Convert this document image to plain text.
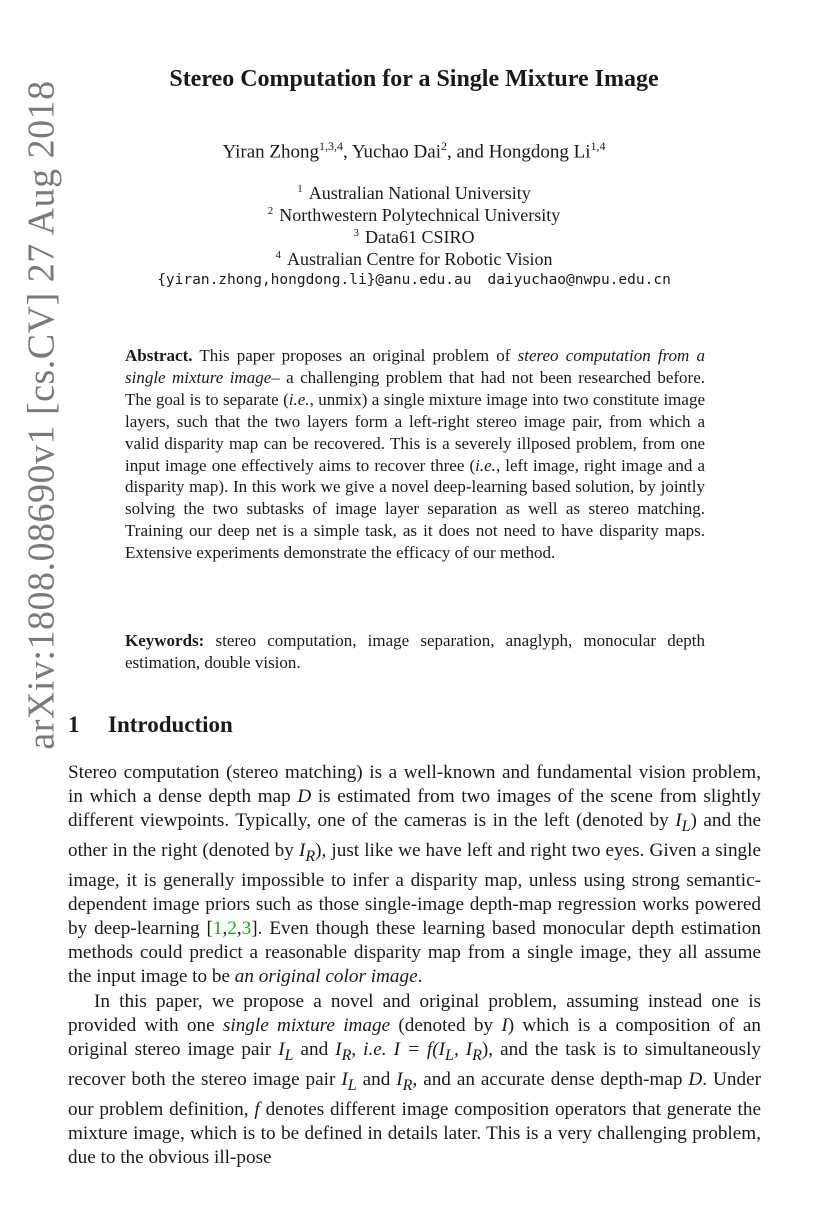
arXiv:1808.08690v1 [cs.CV] 27 Aug 2018
Stereo Computation for a Single Mixture Image
Yiran Zhong$^{1,3,4}$, Yuchao Dai$^2$, and Hongdong Li$^{1,4}$
$^1$ Australian National University
$^2$ Northwestern Polytechnical University
$^3$ Data61 CSIRO
$^4$ Australian Centre for Robotic Vision
{yiran.zhong,hongdong.li}@anu.edu.au daiyuchao@nwpu.edu.cn
Abstract. This paper proposes an original problem of stereo computation from a single mixture image– a challenging problem that had not been researched before. The goal is to separate (i.e., unmix) a single mixture image into two constitute image layers, such that the two layers form a left-right stereo image pair, from which a valid disparity map can be recovered. This is a severely illposed problem, from one input image one effectively aims to recover three (i.e., left image, right image and a disparity map). In this work we give a novel deep-learning based solution, by jointly solving the two subtasks of image layer separation as well as stereo matching. Training our deep net is a simple task, as it does not need to have disparity maps. Extensive experiments demonstrate the efficacy of our method.
Keywords: stereo computation, image separation, anaglyph, monocular depth estimation, double vision.
1 Introduction

Stereo computation (stereo matching) is a well-known and fundamental vision problem, in which a dense depth map D is estimated from two images of the scene from slightly different viewpoints. Typically, one of the cameras is in the left (denoted by $I_L$) and the other in the right (denoted by $I_R$), just like we have left and right two eyes. Given a single image, it is generally impossible to infer a disparity map, unless using strong semantic-dependent image priors such as those single-image depth-map regression works powered by deep-learning [1,2,3]. Even though these learning based monocular depth estimation methods could predict a reasonable disparity map from a single image, they all assume the input image to be an original color image.

In this paper, we propose a novel and original problem, assuming instead one is provided with one single mixture image (denoted by I) which is a composition of an original stereo image pair $I_L$ and $I_R$, i.e. $I = f(I_L$, $I_R$), and the task is to simultaneously recover both the stereo image pair $I_L$ and $I_R$, and an accurate dense depth-map D. Under our problem definition, f denotes different image composition operators that generate the mixture image, which is to be defined in details later. This is a very challenging problem, due to the obvious ill-pose
